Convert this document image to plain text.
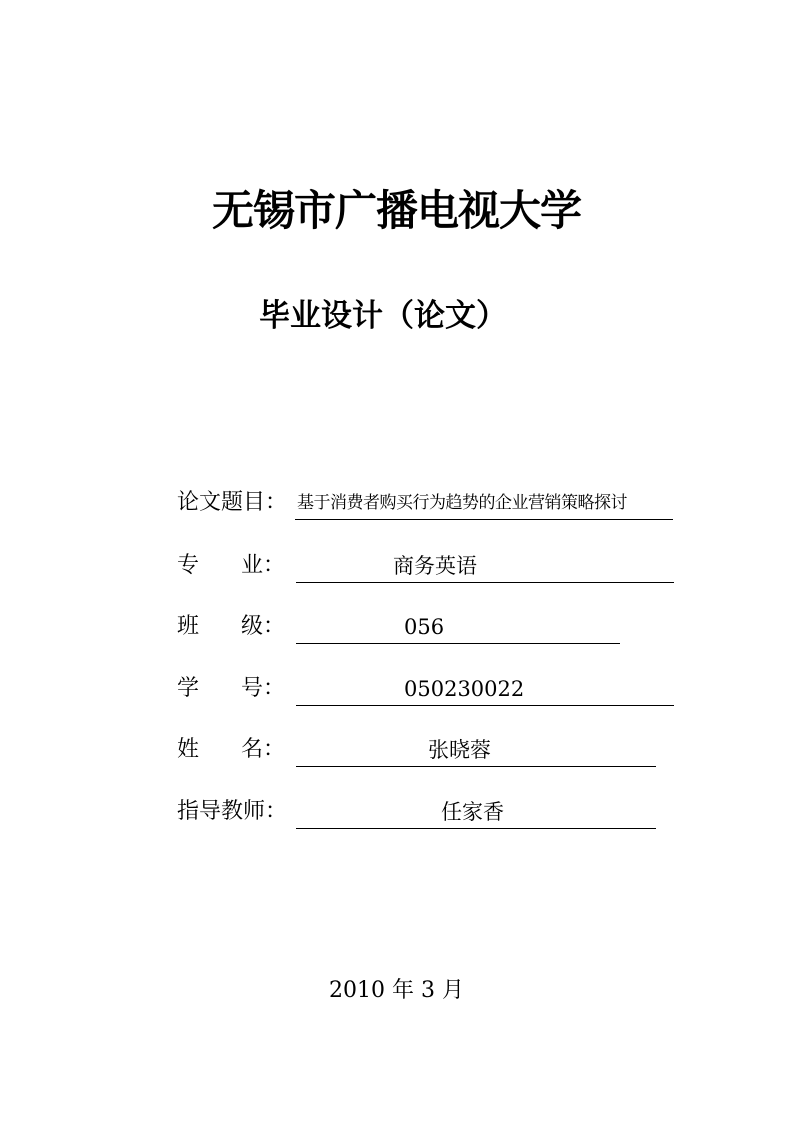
无锡市广播电视大学
毕业设计（论文）
论文题目： 基于消费者购买行为趋势的企业营销策略探讨
专      业：	商务英语
班      级：	056
学      号：	050230022
姓      名：	张晓蓉
指导教师：	任家香
2010 年 3 月
